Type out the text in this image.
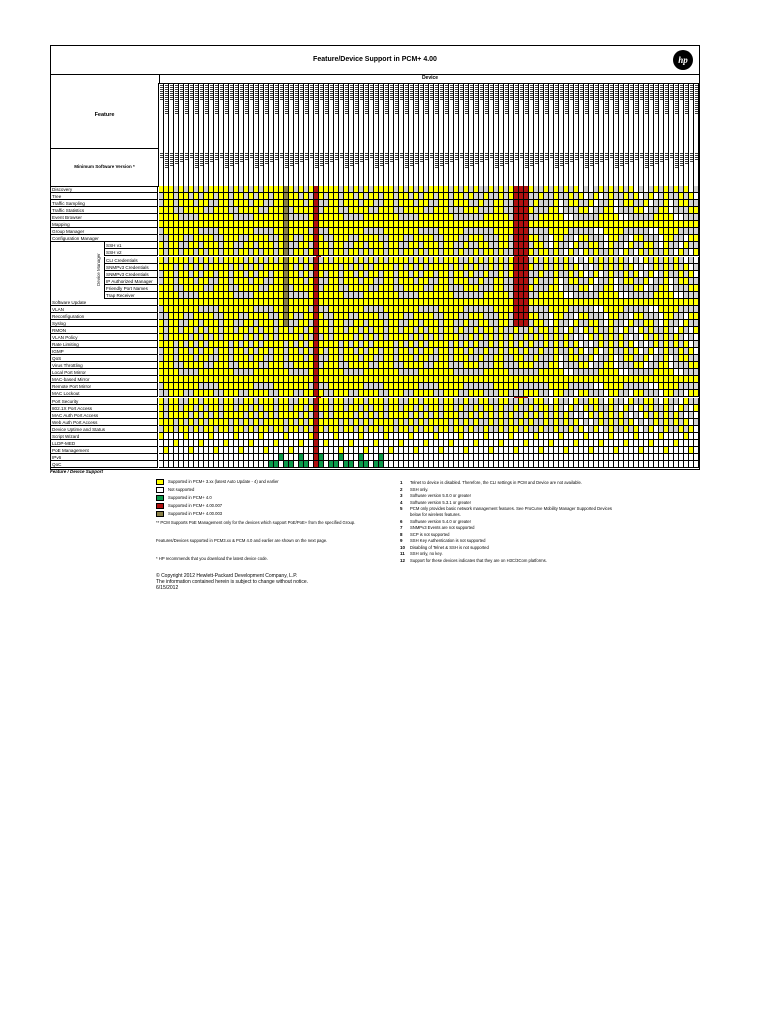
Feature/Device Support in PCM+ 4.00	hp
Device
Feature
Minimum Software Version *
Device Manager
Discovery
Tree
Traffic Sampling
Traffic Statistics
Event Browser
Mapping
Group Manager
Configuration Manager
SSH v1
SSH v2
CLI Credentials
SNMPv3 Credentials
SNMPv3 Credentials
IP Authorized Manager
Friendly Port Names
Trap Receiver
Software Update
VLAN
Reconfiguration
Syslog
RMON
VLAN Policy
Rate Limiting
IGMP
QoS
Virus Throttling
Local Port Mirror
MAC-based Mirror
Remote Port Mirror
MAC Lockout
Port Security
802.1X Port Access
MAC Auth Port Access
Web Auth Port Access
Device Uptime and Status
Script Wizard
LLDP-MED
PoE Management
IPv6
QoC
Feature / Device Support
Supported in PCM+ 3.xx (latest Auto Update - 4) and earlier
Not supported
Supported in PCM+ 4.0
Supported in PCM+ 4.00.007
Supported in PCM+ 4.00.003

** PCM Supports PoE Management only for the devices which support PoE/PoE+ from the specified Group.

Features/Devices supported in PCM3.xx & PCM 4.0 and earlier are shown on the next page.

* HP recommends that you download the latest device code.

© Copyright 2012 Hewlett-Packard Development Company, L.P.
The information contained herein is subject to change without notice.
6/15/2012
1 Telnet to device is disabled. Therefore, the CLI settings in PCM and Device are not available.
2 SSH only.
3 Software version 5.0.0 or greater
4 Software version 5.3.1 or greater
5 PCM only provides basic network management features. See ProCurve Mobility Manager Supported Devices below for wireless features.
6 Software version 5.4.0 or greater
7 SNMPv3 Events are not supported
8 SCP is not supported
9 SSH Key Authentication is not supported
10 Disabling of Telnet & SSH is not supported
11 SSH only, no key.
12 Support for these devices indicates that they are on H3C/3Com platforms.
